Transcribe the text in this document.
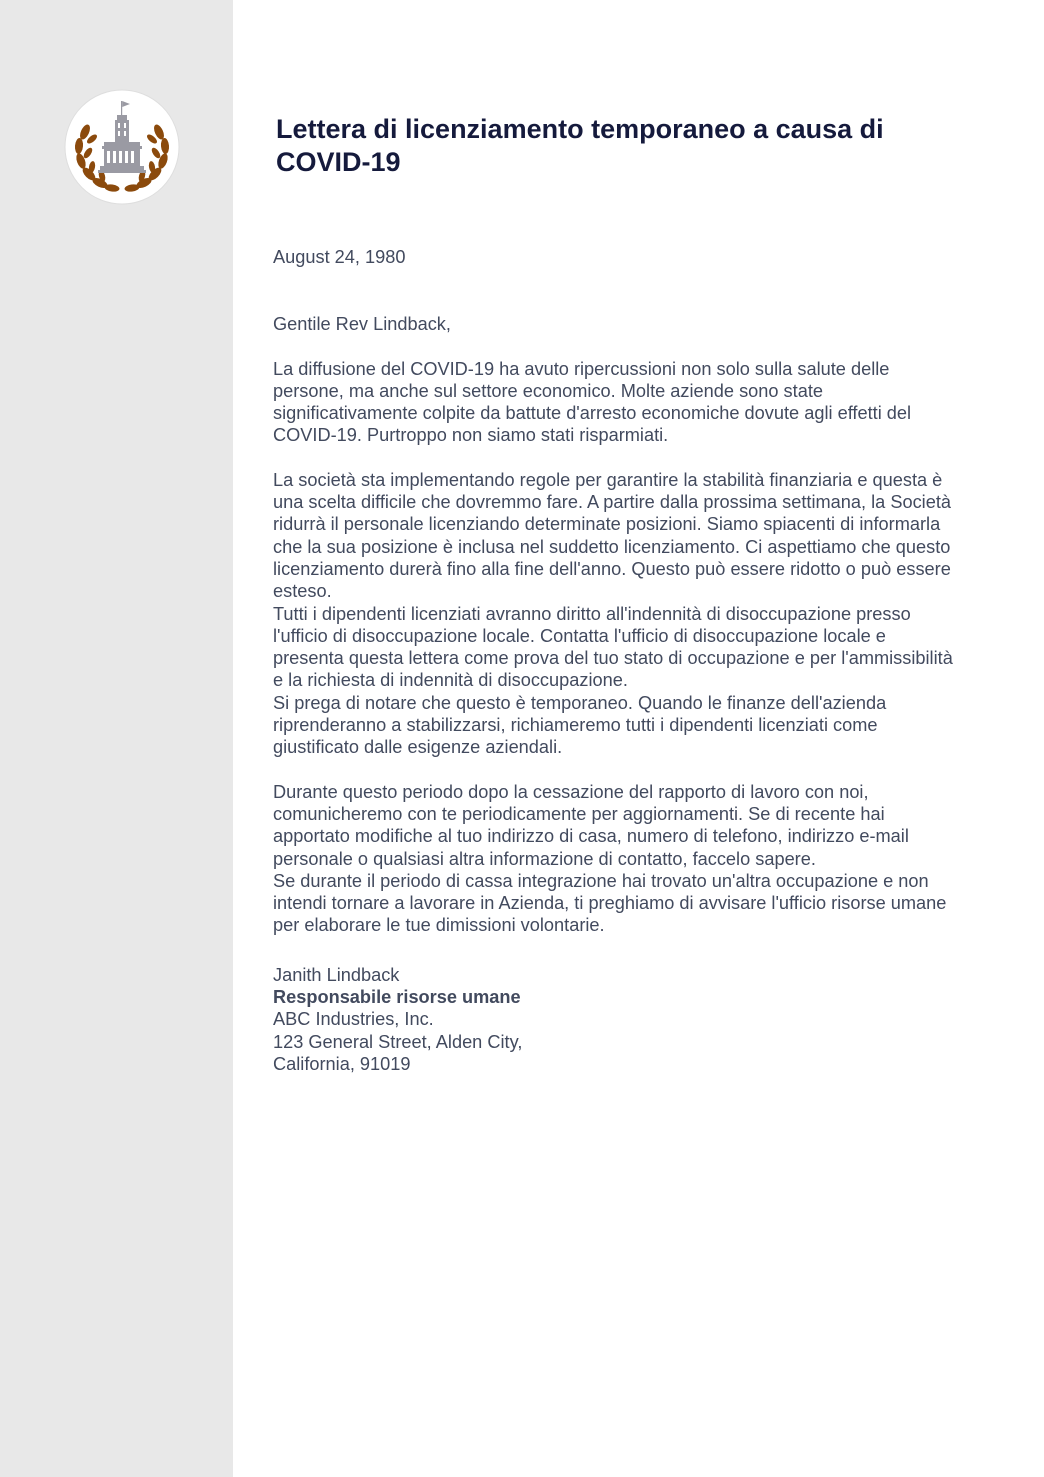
Lettera di licenziamento temporaneo a causa di COVID-19

August 24, 1980

Gentile Rev Lindback,

La diffusione del COVID-19 ha avuto ripercussioni non solo sulla salute delle persone, ma anche sul settore economico. Molte aziende sono state significativamente colpite da battute d'arresto economiche dovute agli effetti del COVID-19. Purtroppo non siamo stati risparmiati.

La società sta implementando regole per garantire la stabilità finanziaria e questa è una scelta difficile che dovremmo fare. A partire dalla prossima settimana, la Società ridurrà il personale licenziando determinate posizioni. Siamo spiacenti di informarla che la sua posizione è inclusa nel suddetto licenziamento. Ci aspettiamo che questo licenziamento durerà fino alla fine dell'anno. Questo può essere ridotto o può essere esteso.

Tutti i dipendenti licenziati avranno diritto all'indennità di disoccupazione presso l'ufficio di disoccupazione locale. Contatta l'ufficio di disoccupazione locale e presenta questa lettera come prova del tuo stato di occupazione e per l'ammissibilità e la richiesta di indennità di disoccupazione.

Si prega di notare che questo è temporaneo. Quando le finanze dell'azienda riprenderanno a stabilizzarsi, richiameremo tutti i dipendenti licenziati come giustificato dalle esigenze aziendali.

Durante questo periodo dopo la cessazione del rapporto di lavoro con noi, comunicheremo con te periodicamente per aggiornamenti. Se di recente hai apportato modifiche al tuo indirizzo di casa, numero di telefono, indirizzo e-mail personale o qualsiasi altra informazione di contatto, faccelo sapere.

Se durante il periodo di cassa integrazione hai trovato un'altra occupazione e non intendi tornare a lavorare in Azienda, ti preghiamo di avvisare l'ufficio risorse umane per elaborare le tue dimissioni volontarie.

Janith Lindback

Responsabile risorse umane

ABC Industries, Inc.

123 General Street, Alden City,

California, 91019
